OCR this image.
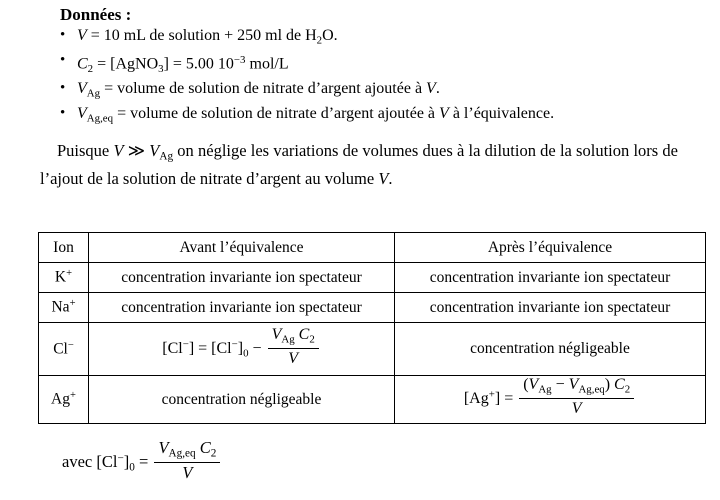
Données :
• V = 10 mL de solution + 250 ml de $H_2O$.
• $C_2$ = [AgNO$_3$] = 5.00 $10^{-3}$ mol/L
• $V_{Ag}$ = volume de solution de nitrate d’argent ajoutée à V.
• $V_{Ag,eq}$ = volume de solution de nitrate d’argent ajoutée à V à l’équivalence.

Puisque V ≫ $V_{Ag}$ on néglige les variations de volumes dues à la dilution de la solution lors de l’ajout de la solution de nitrate d’argent au volume V.

Ion	Avant l’équivalence	Après l’équivalence
K+	concentration invariante ion spectateur	concentration invariante ion spectateur
Na+	concentration invariante ion spectateur	concentration invariante ion spectateur
Cl−	$[Cl^-] = [Cl^-]_0 - \frac{V_{Ag} C_2}{V}$	concentration négligeable
Ag+	concentration négligeable	$[Ag^+] = \frac{(V_{Ag} - V_{Ag,eq}) C_2}{V}$
avec $[Cl^-]_0 = \frac{V_{Ag,eq} C_2}{V}$
